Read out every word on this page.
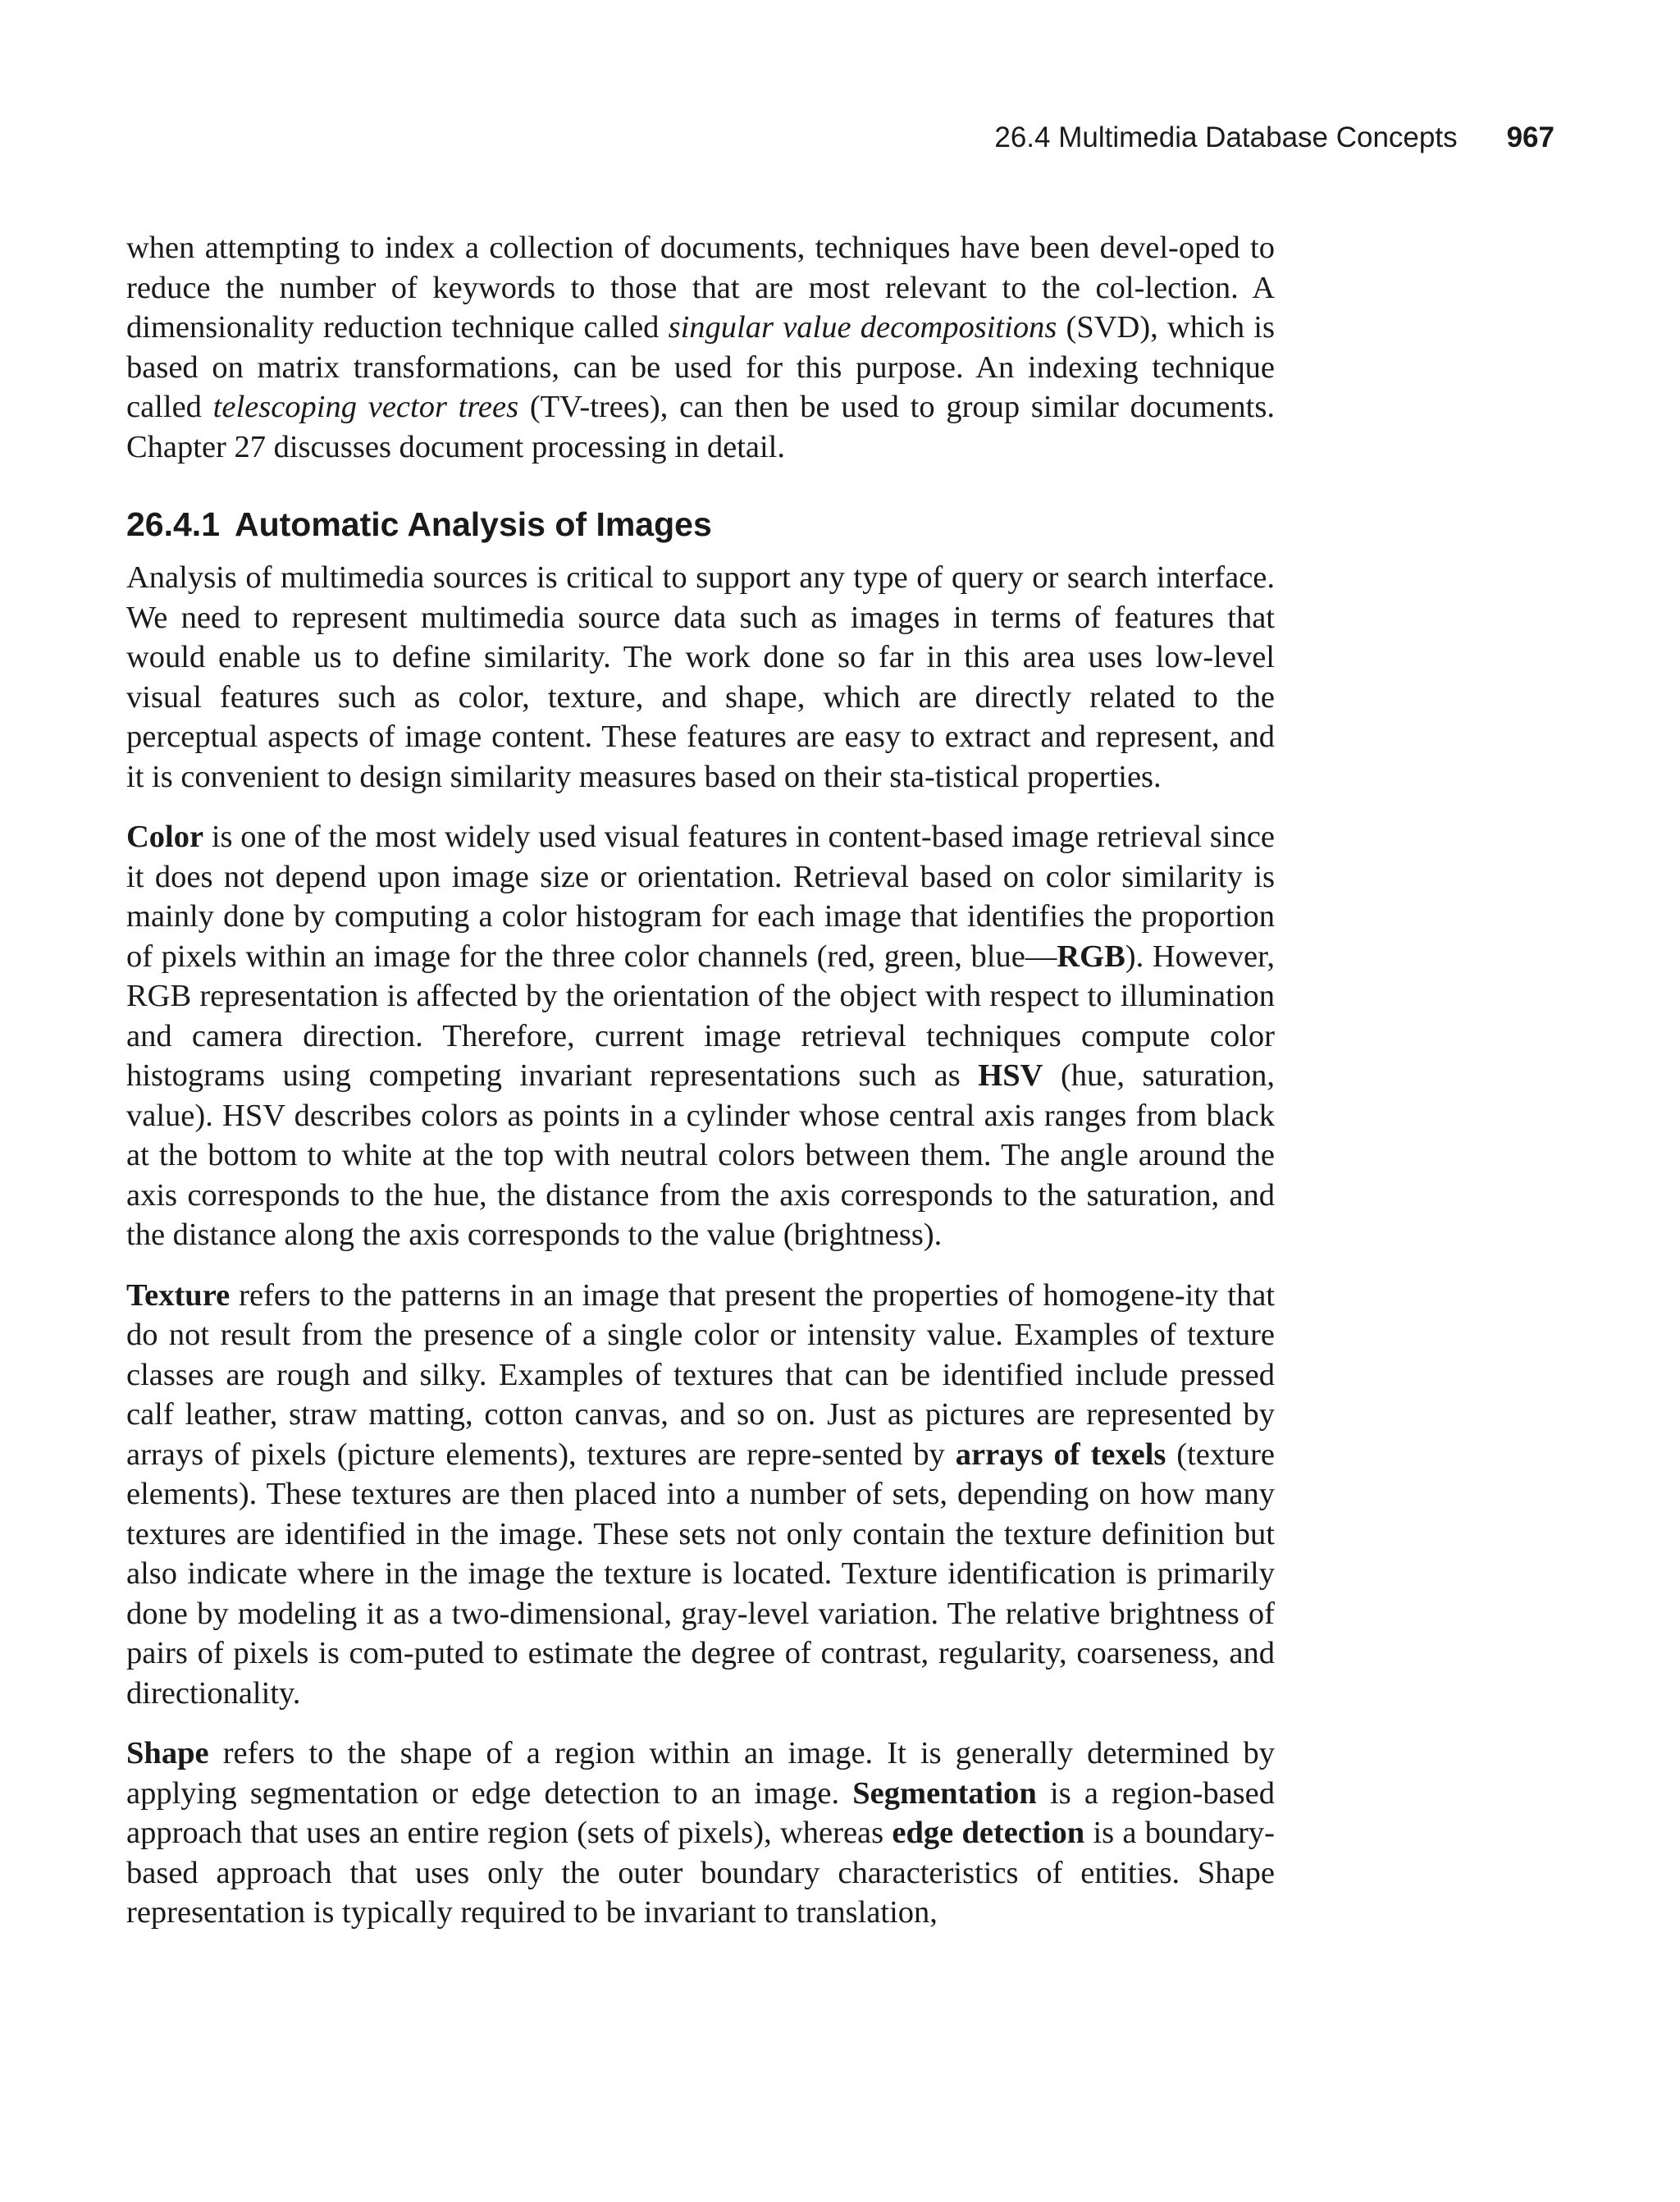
26.4 Multimedia Database Concepts 967

when attempting to index a collection of documents, techniques have been devel-oped to reduce the number of keywords to those that are most relevant to the col-lection. A dimensionality reduction technique called singular value decompositions (SVD), which is based on matrix transformations, can be used for this purpose. An indexing technique called telescoping vector trees (TV-trees), can then be used to group similar documents. Chapter 27 discusses document processing in detail.

26.4.1 Automatic Analysis of Images

Analysis of multimedia sources is critical to support any type of query or search interface. We need to represent multimedia source data such as images in terms of features that would enable us to define similarity. The work done so far in this area uses low-level visual features such as color, texture, and shape, which are directly related to the perceptual aspects of image content. These features are easy to extract and represent, and it is convenient to design similarity measures based on their sta-tistical properties.

Color is one of the most widely used visual features in content-based image retrieval since it does not depend upon image size or orientation. Retrieval based on color similarity is mainly done by computing a color histogram for each image that identifies the proportion of pixels within an image for the three color channels (red, green, blue—RGB). However, RGB representation is affected by the orientation of the object with respect to illumination and camera direction. Therefore, current image retrieval techniques compute color histograms using competing invariant representations such as HSV (hue, saturation, value). HSV describes colors as points in a cylinder whose central axis ranges from black at the bottom to white at the top with neutral colors between them. The angle around the axis corresponds to the hue, the distance from the axis corresponds to the saturation, and the distance along the axis corresponds to the value (brightness).

Texture refers to the patterns in an image that present the properties of homogene-ity that do not result from the presence of a single color or intensity value. Examples of texture classes are rough and silky. Examples of textures that can be identified include pressed calf leather, straw matting, cotton canvas, and so on. Just as pictures are represented by arrays of pixels (picture elements), textures are repre-sented by arrays of texels (texture elements). These textures are then placed into a number of sets, depending on how many textures are identified in the image. These sets not only contain the texture definition but also indicate where in the image the texture is located. Texture identification is primarily done by modeling it as a two-dimensional, gray-level variation. The relative brightness of pairs of pixels is com-puted to estimate the degree of contrast, regularity, coarseness, and directionality.

Shape refers to the shape of a region within an image. It is generally determined by applying segmentation or edge detection to an image. Segmentation is a region-based approach that uses an entire region (sets of pixels), whereas edge detection is a boundary-based approach that uses only the outer boundary characteristics of entities. Shape representation is typically required to be invariant to translation,
